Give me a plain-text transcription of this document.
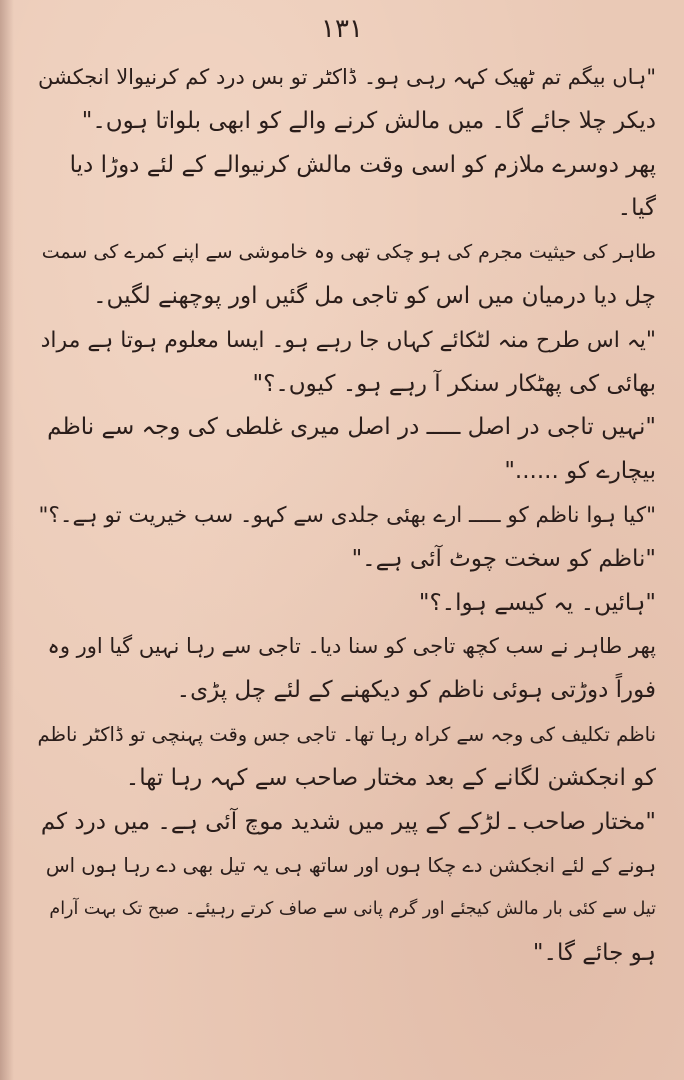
۱۳۱
"ہاں بیگم تم ٹھیک کہہ رہی ہو۔ ڈاکٹر تو بس درد کم کرنیوالا انجکشن
دیکر چلا جائے گا۔ میں مالش کرنے والے کو ابھی بلواتا ہوں۔"
پھر دوسرے ملازم کو اسی وقت مالش کرنیوالے کے لئے دوڑا دیا
گیا۔
طاہر کی حیثیت مجرم کی ہو چکی تھی وہ خاموشی سے اپنے کمرے کی سمت
چل دیا درمیان میں اس کو تاجی مل گئیں اور پوچھنے لگیں۔
"یہ اس طرح منہ لٹکائے کہاں جا رہے ہو۔ ایسا معلوم ہوتا ہے مراد
بھائی کی پھٹکار سنکر آ رہے ہو۔ کیوں۔؟"
"نہیں تاجی در اصل ـــــ در اصل میری غلطی کی وجہ سے ناظم
بیچارے کو ......"
"کیا ہوا ناظم کو ـــــ ارے بھئی جلدی سے کہو۔ سب خیریت تو ہے۔؟"
"ناظم کو سخت چوٹ آئی ہے۔"
"ہائیں۔ یہ کیسے ہوا۔؟"
پھر طاہر نے سب کچھ تاجی کو سنا دیا۔ تاجی سے رہا نہیں گیا اور وہ
فوراً دوڑتی ہوئی ناظم کو دیکھنے کے لئے چل پڑی۔
ناظم تکلیف کی وجہ سے کراہ رہا تھا۔ تاجی جس وقت پہنچی تو ڈاکٹر ناظم
کو انجکشن لگانے کے بعد مختار صاحب سے کہہ رہا تھا۔
"مختار صاحب ـ لڑکے کے پیر میں شدید موچ آئی ہے۔ میں درد کم
ہونے کے لئے انجکشن دے چکا ہوں اور ساتھ ہی یہ تیل بھی دے رہا ہوں اس
تیل سے کئی بار مالش کیجئے اور گرم پانی سے صاف کرتے رہیئے۔ صبح تک بہت آرام
ہو جائے گا۔"
